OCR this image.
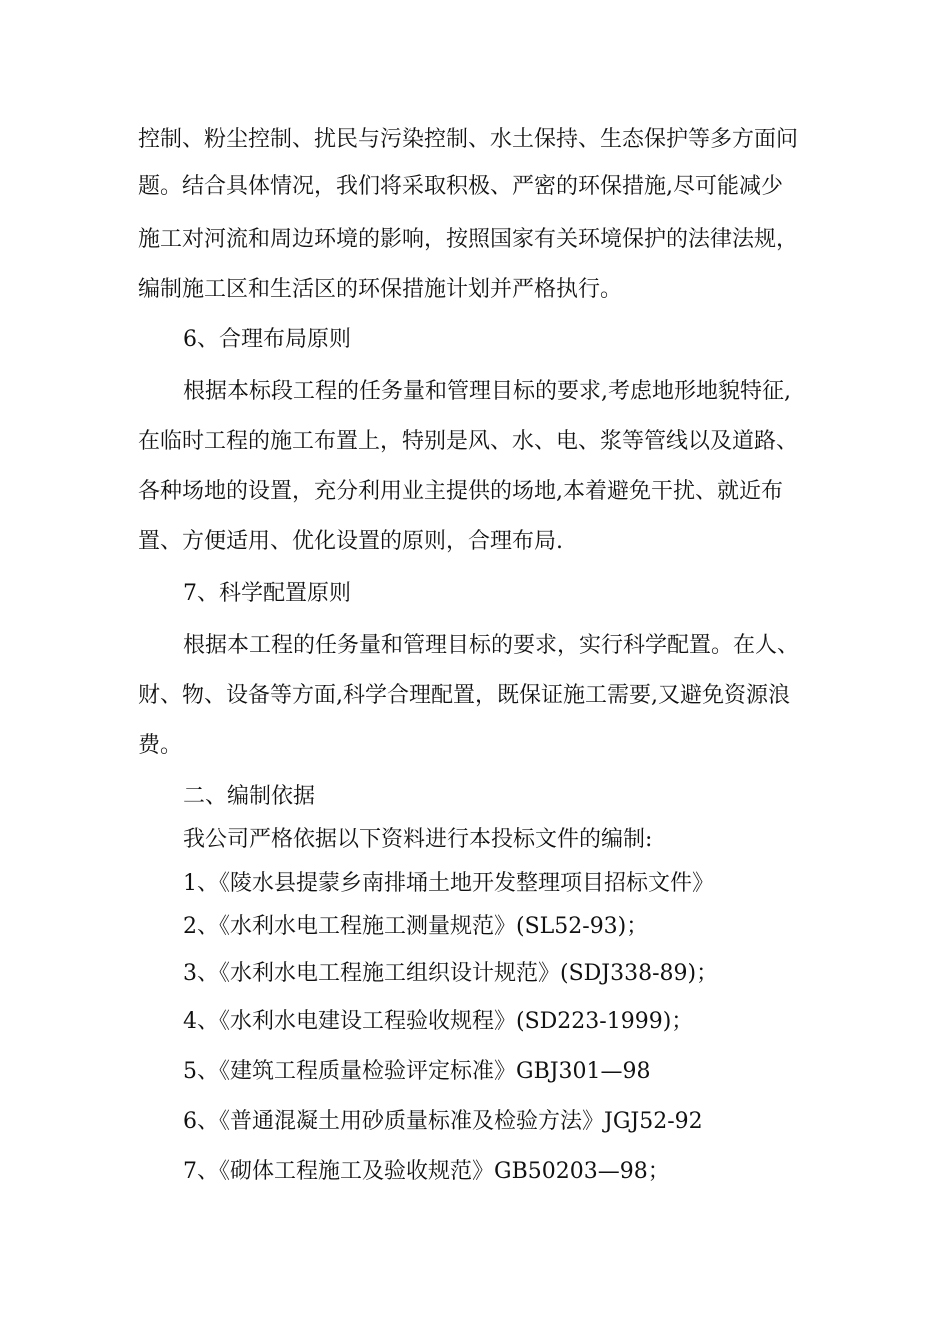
控制、粉尘控制、扰民与污染控制、水土保持、生态保护等多方面问

题。结合具体情况，我们将采取积极、严密的环保措施,尽可能减少

施工对河流和周边环境的影响，按照国家有关环境保护的法律法规，

编制施工区和生活区的环保措施计划并严格执行。

6、合理布局原则

根据本标段工程的任务量和管理目标的要求,考虑地形地貌特征,

在临时工程的施工布置上，特别是风、水、电、浆等管线以及道路、

各种场地的设置，充分利用业主提供的场地,本着避免干扰、就近布

置、方便适用、优化设置的原则，合理布局.

7、科学配置原则

根据本工程的任务量和管理目标的要求，实行科学配置。在人、

财、物、设备等方面,科学合理配置，既保证施工需要,又避免资源浪

费。

二、编制依据

我公司严格依据以下资料进行本投标文件的编制:

1、《陵水县提蒙乡南排埇土地开发整理项目招标文件》

2、《水利水电工程施工测量规范》(SL52-93)；

3、《水利水电工程施工组织设计规范》(SDJ338-89)；

4、《水利水电建设工程验收规程》(SD223-1999)；

5、《建筑工程质量检验评定标准》GBJ301—98

6、《普通混凝土用砂质量标准及检验方法》JGJ52-92

7、《砌体工程施工及验收规范》GB50203—98；
